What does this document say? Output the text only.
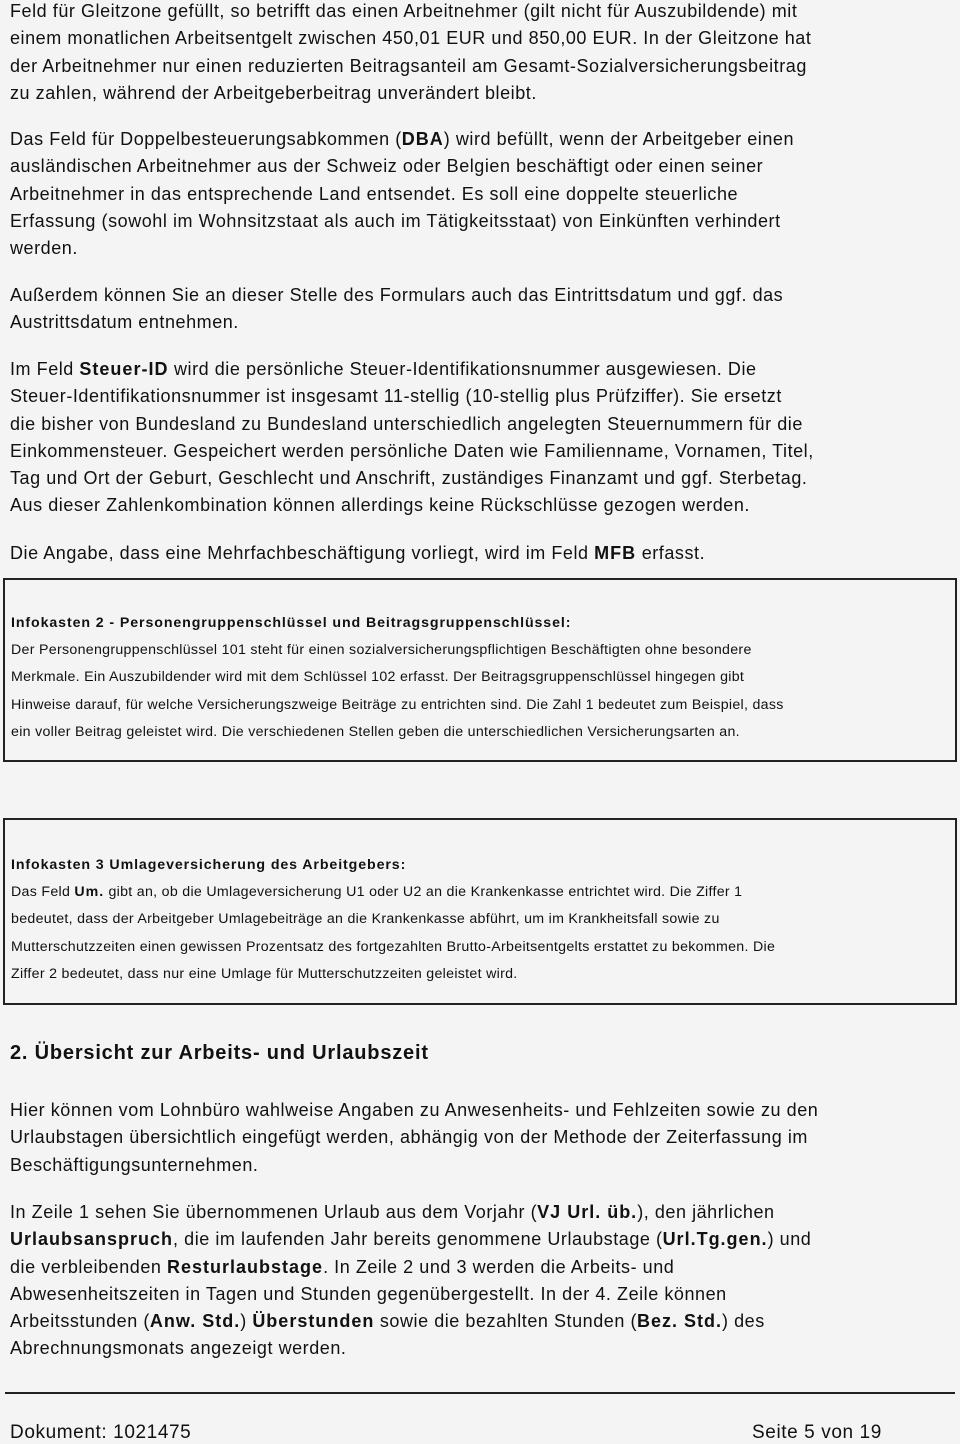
Feld für Gleitzone gefüllt, so betrifft das einen Arbeitnehmer (gilt nicht für Auszubildende) mit
einem monatlichen Arbeitsentgelt zwischen 450,01 EUR und 850,00 EUR. In der Gleitzone hat
der Arbeitnehmer nur einen reduzierten Beitragsanteil am Gesamt-Sozialversicherungsbeitrag
zu zahlen, während der Arbeitgeberbeitrag unverändert bleibt.
Das Feld für Doppelbesteuerungsabkommen (DBA) wird befüllt, wenn der Arbeitgeber einen
ausländischen Arbeitnehmer aus der Schweiz oder Belgien beschäftigt oder einen seiner
Arbeitnehmer in das entsprechende Land entsendet. Es soll eine doppelte steuerliche
Erfassung (sowohl im Wohnsitzstaat als auch im Tätigkeitsstaat) von Einkünften verhindert
werden.
Außerdem können Sie an dieser Stelle des Formulars auch das Eintrittsdatum und ggf. das
Austrittsdatum entnehmen.
Im Feld Steuer-ID wird die persönliche Steuer-Identifikationsnummer ausgewiesen. Die
Steuer-Identifikationsnummer ist insgesamt 11-stellig (10-stellig plus Prüfziffer). Sie ersetzt
die bisher von Bundesland zu Bundesland unterschiedlich angelegten Steuernummern für die
Einkommensteuer. Gespeichert werden persönliche Daten wie Familienname, Vornamen, Titel,
Tag und Ort der Geburt, Geschlecht und Anschrift, zuständiges Finanzamt und ggf. Sterbetag.
Aus dieser Zahlenkombination können allerdings keine Rückschlüsse gezogen werden.
Die Angabe, dass eine Mehrfachbeschäftigung vorliegt, wird im Feld MFB erfasst.
Infokasten 2 - Personengruppenschlüssel und Beitragsgruppenschlüssel:
Der Personengruppenschlüssel 101 steht für einen sozialversicherungspflichtigen Beschäftigten ohne besondere
Merkmale. Ein Auszubildender wird mit dem Schlüssel 102 erfasst. Der Beitragsgruppenschlüssel hingegen gibt
Hinweise darauf, für welche Versicherungszweige Beiträge zu entrichten sind. Die Zahl 1 bedeutet zum Beispiel, dass
ein voller Beitrag geleistet wird. Die verschiedenen Stellen geben die unterschiedlichen Versicherungsarten an.
Infokasten 3 Umlageversicherung des Arbeitgebers:
Das Feld Um. gibt an, ob die Umlageversicherung U1 oder U2 an die Krankenkasse entrichtet wird. Die Ziffer 1
bedeutet, dass der Arbeitgeber Umlagebeiträge an die Krankenkasse abführt, um im Krankheitsfall sowie zu
Mutterschutzzeiten einen gewissen Prozentsatz des fortgezahlten Brutto-Arbeitsentgelts erstattet zu bekommen. Die
Ziffer 2 bedeutet, dass nur eine Umlage für Mutterschutzzeiten geleistet wird.
2. Übersicht zur Arbeits- und Urlaubszeit
Hier können vom Lohnbüro wahlweise Angaben zu Anwesenheits- und Fehlzeiten sowie zu den
Urlaubstagen übersichtlich eingefügt werden, abhängig von der Methode der Zeiterfassung im
Beschäftigungsunternehmen.
In Zeile 1 sehen Sie übernommenen Urlaub aus dem Vorjahr (VJ Url. üb.), den jährlichen
Urlaubsanspruch, die im laufenden Jahr bereits genommene Urlaubstage (Url.Tg.gen.) und
die verbleibenden Resturlaubstage. In Zeile 2 und 3 werden die Arbeits- und
Abwesenheitszeiten in Tagen und Stunden gegenübergestellt. In der 4. Zeile können
Arbeitsstunden (Anw. Std.) Überstunden sowie die bezahlten Stunden (Bez. Std.) des
Abrechnungsmonats angezeigt werden.
Dokument: 1021475	Seite 5 von 19
